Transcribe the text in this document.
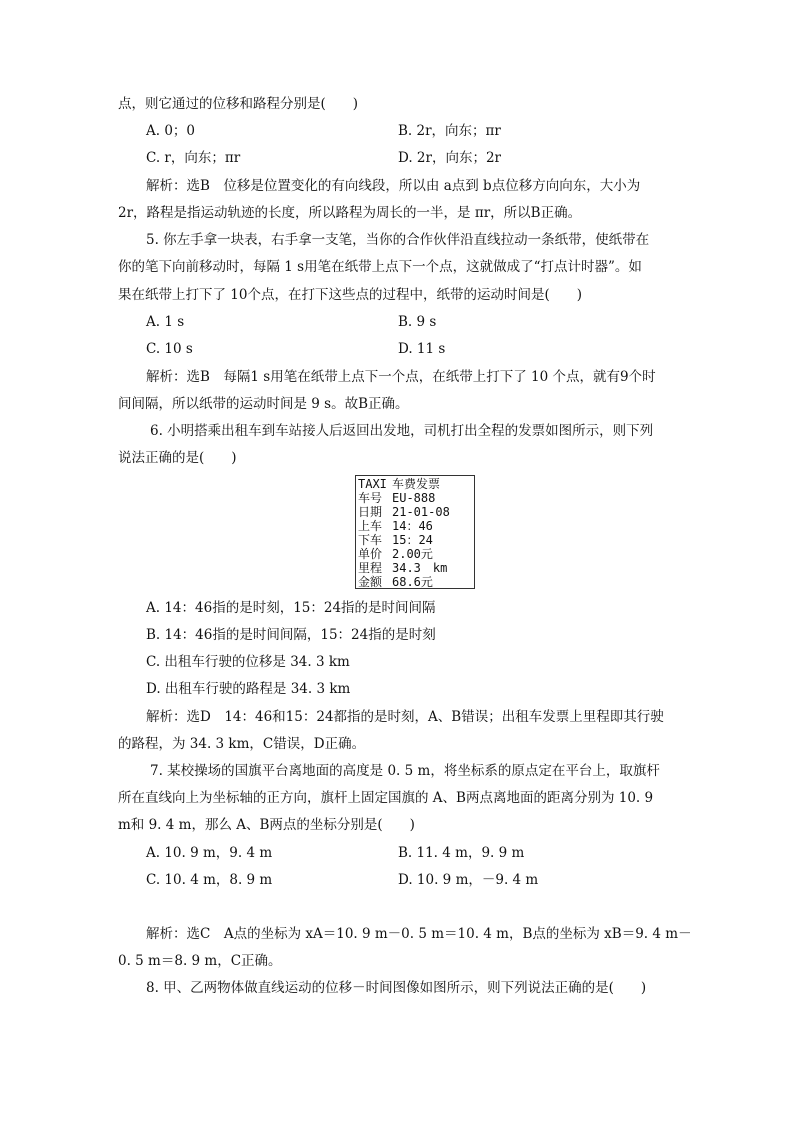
点，则它通过的位移和路程分别是(　　)
A. 0；0	B. 2r，向东；πr
C. r，向东；πr	D. 2r，向东；2r
解析：选B　位移是位置变化的有向线段，所以由 a点到 b点位移方向向东，大小为
2r，路程是指运动轨迹的长度，所以路程为周长的一半，是 πr，所以B正确。
5. 你左手拿一块表，右手拿一支笔，当你的合作伙伴沿直线拉动一条纸带，使纸带在
你的笔下向前移动时，每隔 1 s用笔在纸带上点下一个点，这就做成了“打点计时器”。如
果在纸带上打下了 10个点，在打下这些点的过程中，纸带的运动时间是(　　)
A. 1 s	B. 9 s
C. 10 s	D. 11 s
解析：选B　每隔1 s用笔在纸带上点下一个点，在纸带上打下了 10 个点，就有9个时
间间隔，所以纸带的运动时间是 9 s。故B正确。
6. 小明搭乘出租车到车站接人后返回出发地，司机打出全程的发票如图所示，则下列
说法正确的是(　　)
TAXI 车费发票
车号 EU-888
日期 21-01-08
上车 14：46
下车 15：24
单价 2.00元
里程 34.3　km
金额 68.6元
A. 14：46指的是时刻，15：24指的是时间间隔
B. 14：46指的是时间间隔，15：24指的是时刻
C. 出租车行驶的位移是 34. 3 km
D. 出租车行驶的路程是 34. 3 km
解析：选D　14：46和15：24都指的是时刻，A、B错误；出租车发票上里程即其行驶
的路程，为 34. 3 km，C错误，D正确。
7. 某校操场的国旗平台离地面的高度是 0. 5 m，将坐标系的原点定在平台上，取旗杆
所在直线向上为坐标轴的正方向，旗杆上固定国旗的 A、B两点离地面的距离分别为 10. 9
m和 9. 4 m，那么 A、B两点的坐标分别是(　　)
A. 10. 9 m，9. 4 m	B. 11. 4 m，9. 9 m
C. 10. 4 m，8. 9 m	D. 10. 9 m，－9. 4 m
解析：选C　A点的坐标为 xA＝10. 9 m－0. 5 m＝10. 4 m，B点的坐标为 xB＝9. 4 m－
0. 5 m＝8. 9 m，C正确。
8. 甲、乙两物体做直线运动的位移－时间图像如图所示，则下列说法正确的是(　　)
